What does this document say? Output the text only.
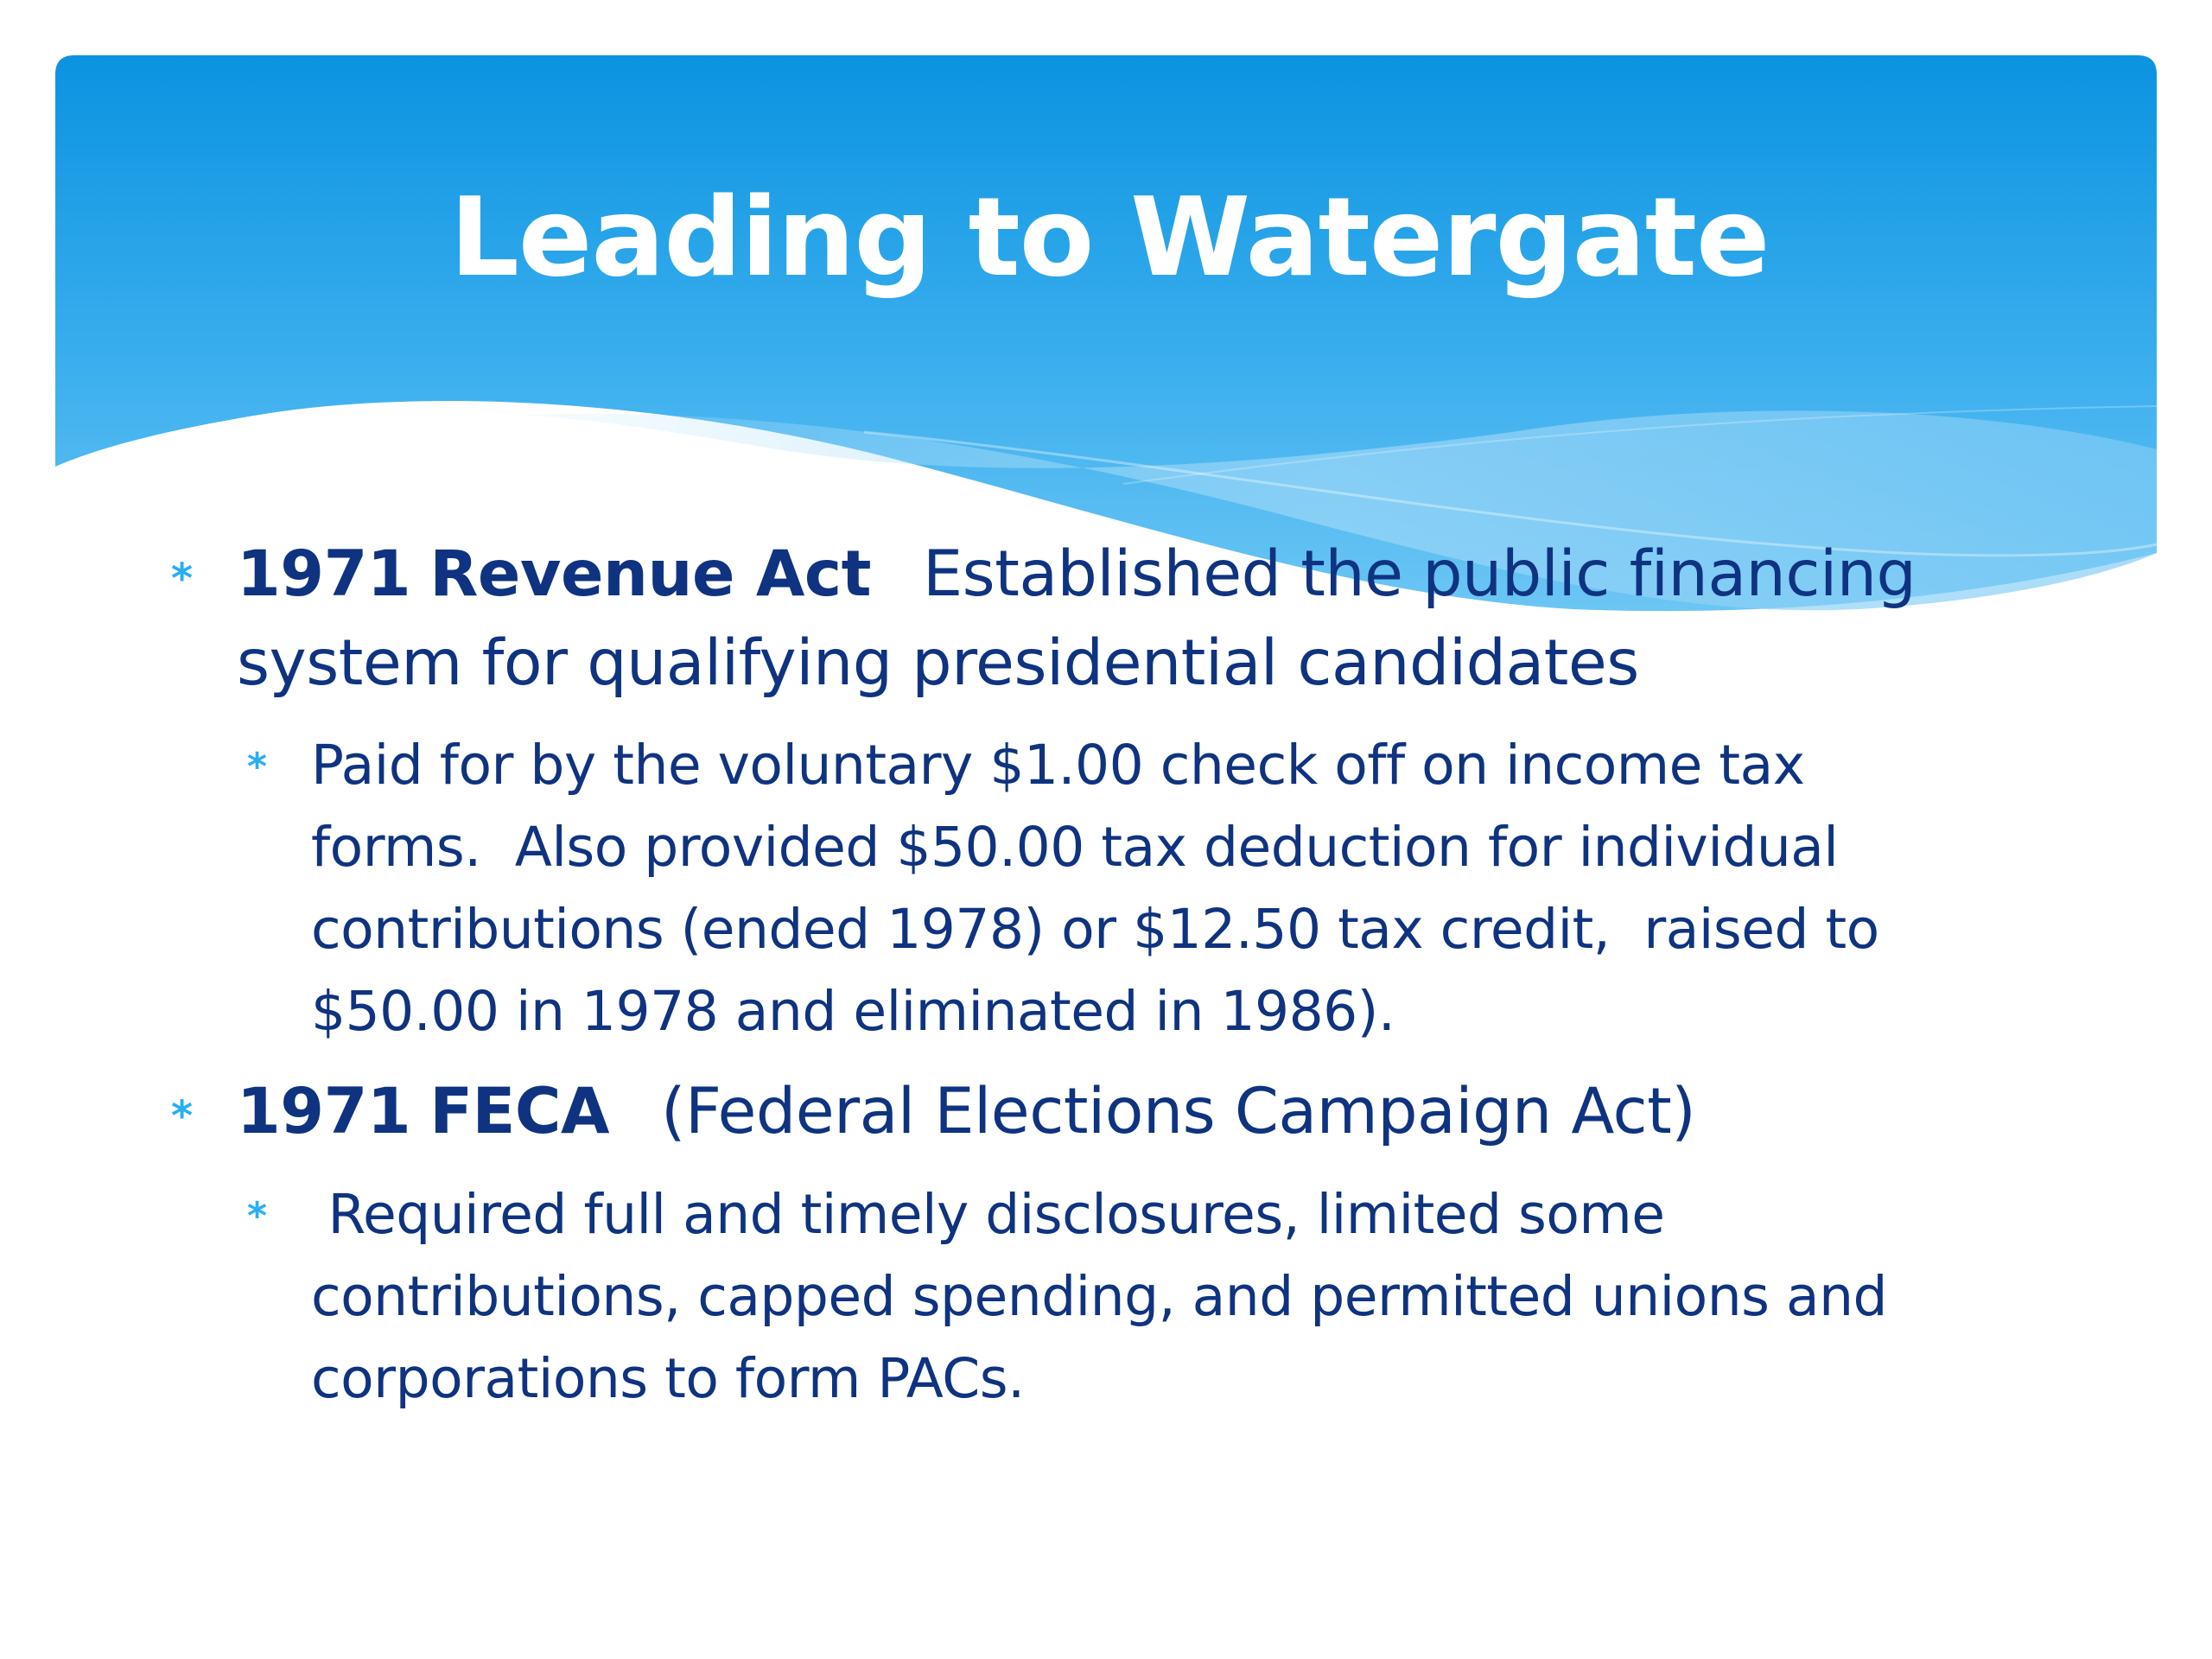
Leading to Watergate
* 1971 Revenue Act Established the public financing
system for qualifying presidential candidates
* Paid for by the voluntary $1.00 check off on income tax
forms.  Also provided $50.00 tax deduction for individual
contributions (ended 1978) or $12.50 tax credit,  raised to
$50.00 in 1978 and eliminated in 1986).
* 1971 FECA (Federal Elections Campaign Act)
* Required full and timely disclosures, limited some
contributions, capped spending, and permitted unions and
corporations to form PACs.
